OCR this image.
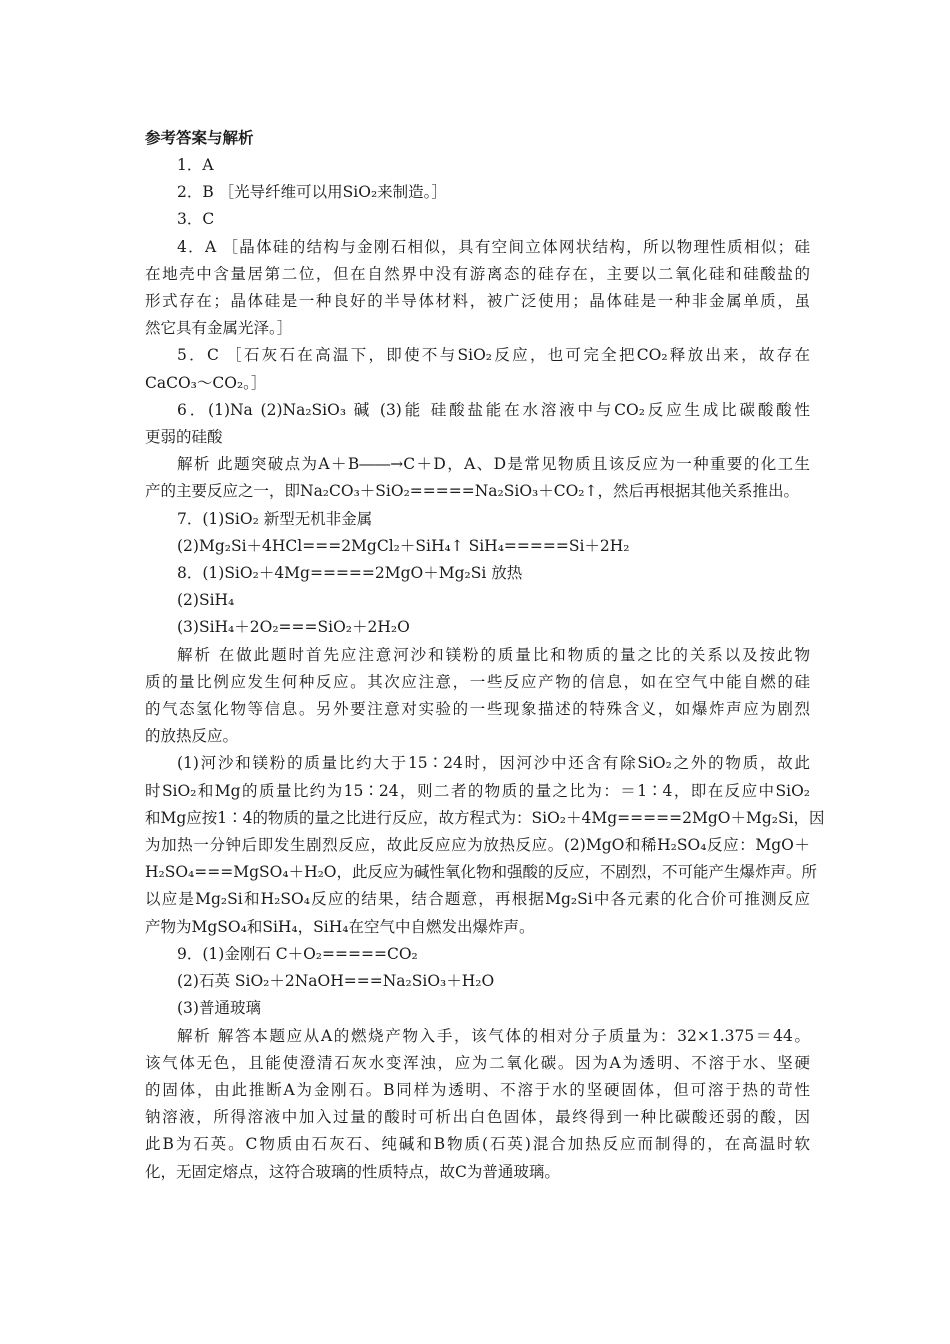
参考答案与解析

1．A

2．B ［光导纤维可以用SiO₂来制造。］

3．C

4．A ［晶体硅的结构与金刚石相似，具有空间立体网状结构，所以物理性质相似；硅

在地壳中含量居第二位，但在自然界中没有游离态的硅存在，主要以二氧化硅和硅酸盐的

形式存在；晶体硅是一种良好的半导体材料，被广泛使用；晶体硅是一种非金属单质，虽

然它具有金属光泽。］

5．C ［石灰石在高温下，即使不与SiO₂反应，也可完全把CO₂释放出来，故存在

CaCO₃～CO₂。］

6．(1)Na (2)Na₂SiO₃ 碱 (3)能 硅酸盐能在水溶液中与CO₂反应生成比碳酸酸性

更弱的硅酸

解析 此题突破点为A＋B――→C＋D，A、D是常见物质且该反应为一种重要的化工生

产的主要反应之一，即Na₂CO₃＋SiO₂=====Na₂SiO₃＋CO₂↑，然后再根据其他关系推出。

7．(1)SiO₂ 新型无机非金属

(2)Mg₂Si＋4HCl===2MgCl₂＋SiH₄↑ SiH₄=====Si＋2H₂

8．(1)SiO₂＋4Mg=====2MgO＋Mg₂Si 放热

(2)SiH₄

(3)SiH₄＋2O₂===SiO₂＋2H₂O

解析 在做此题时首先应注意河沙和镁粉的质量比和物质的量之比的关系以及按此物

质的量比例应发生何种反应。其次应注意，一些反应产物的信息，如在空气中能自燃的硅

的气态氢化物等信息。另外要注意对实验的一些现象描述的特殊含义，如爆炸声应为剧烈

的放热反应。

(1)河沙和镁粉的质量比约大于15∶24时，因河沙中还含有除SiO₂之外的物质，故此

时SiO₂和Mg的质量比约为15∶24，则二者的物质的量之比为：＝1∶4，即在反应中SiO₂

和Mg应按1∶4的物质的量之比进行反应，故方程式为：SiO₂＋4Mg=====2MgO＋Mg₂Si，因

为加热一分钟后即发生剧烈反应，故此反应应为放热反应。(2)MgO和稀H₂SO₄反应：MgO＋

H₂SO₄===MgSO₄＋H₂O，此反应为碱性氧化物和强酸的反应，不剧烈，不可能产生爆炸声。所

以应是Mg₂Si和H₂SO₄反应的结果，结合题意，再根据Mg₂Si中各元素的化合价可推测反应

产物为MgSO₄和SiH₄，SiH₄在空气中自燃发出爆炸声。

9．(1)金刚石 C＋O₂=====CO₂

(2)石英 SiO₂＋2NaOH===Na₂SiO₃＋H₂O

(3)普通玻璃

解析 解答本题应从A的燃烧产物入手，该气体的相对分子质量为：32×1.375＝44。

该气体无色，且能使澄清石灰水变浑浊，应为二氧化碳。因为A为透明、不溶于水、坚硬

的固体，由此推断A为金刚石。B同样为透明、不溶于水的坚硬固体，但可溶于热的苛性

钠溶液，所得溶液中加入过量的酸时可析出白色固体，最终得到一种比碳酸还弱的酸，因

此B为石英。C物质由石灰石、纯碱和B物质(石英)混合加热反应而制得的，在高温时软

化，无固定熔点，这符合玻璃的性质特点，故C为普通玻璃。
